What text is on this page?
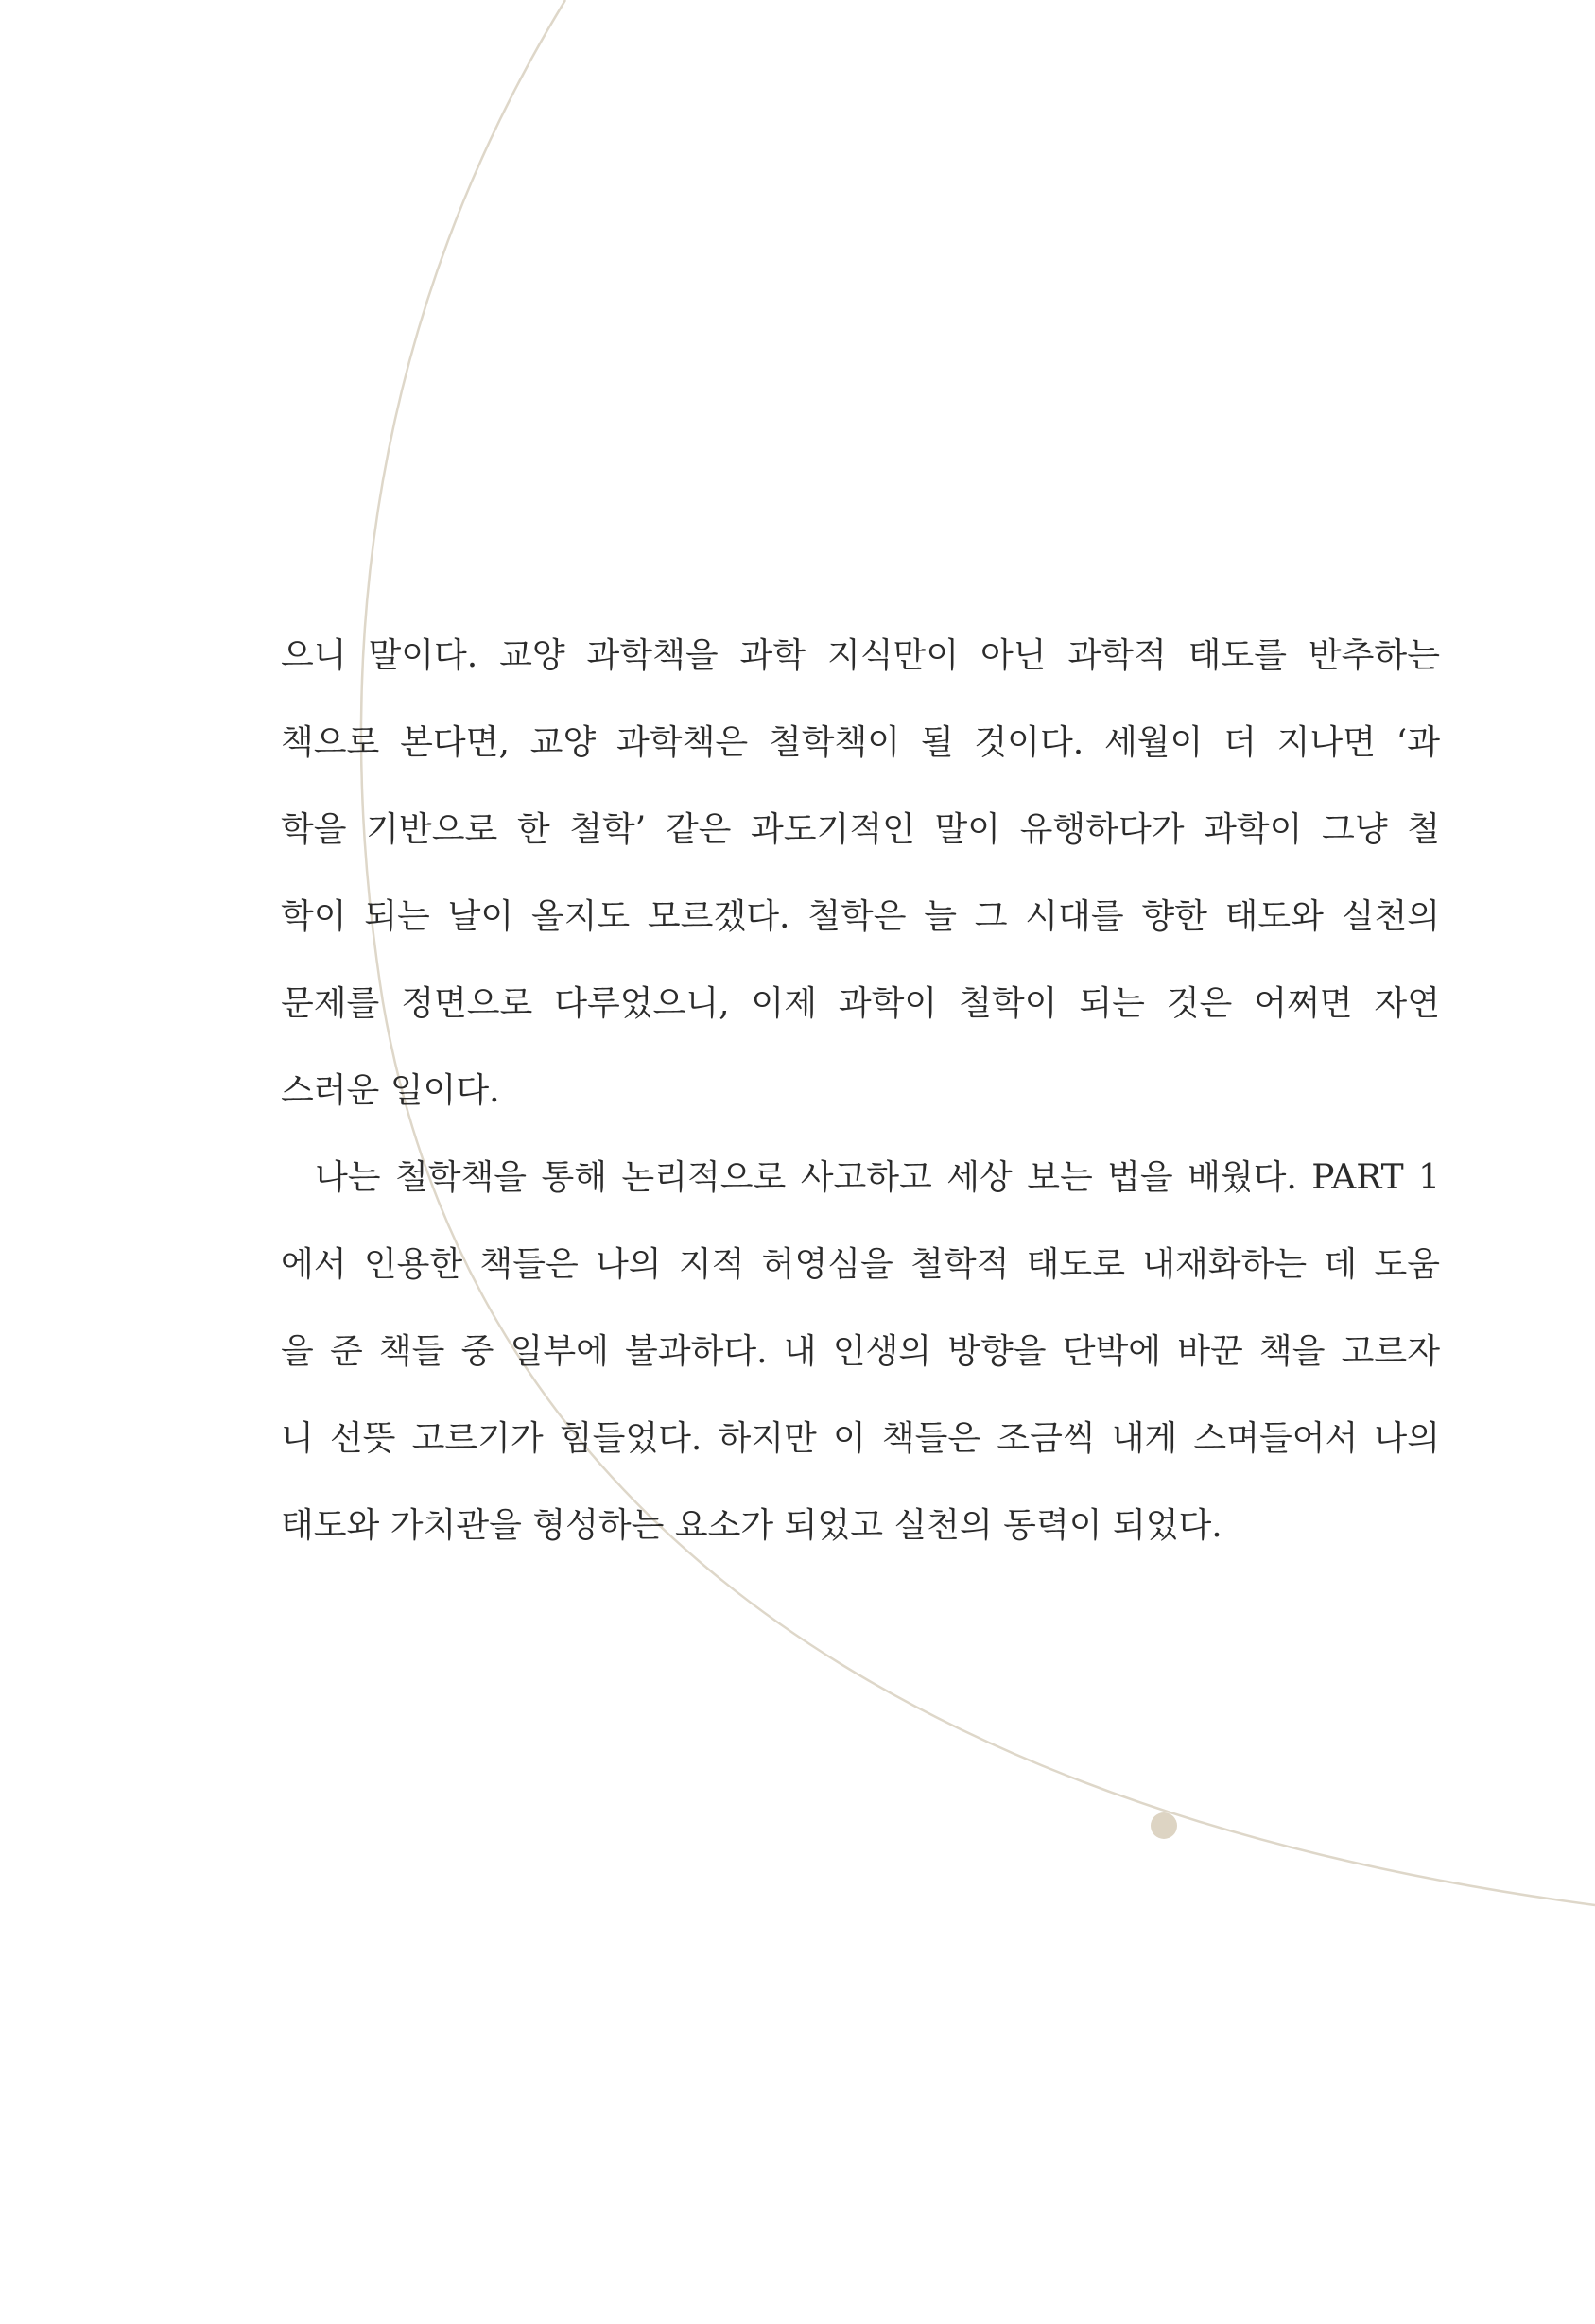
으니 말이다. 교양 과학책을 과학 지식만이 아닌 과학적 태도를 반추하는
책으로 본다면, 교양 과학책은 철학책이 될 것이다. 세월이 더 지나면 ‘과
학을 기반으로 한 철학’ 같은 과도기적인 말이 유행하다가 과학이 그냥 철
학이 되는 날이 올지도 모르겠다. 철학은 늘 그 시대를 향한 태도와 실천의
문제를 정면으로 다루었으니, 이제 과학이 철학이 되는 것은 어쩌면 자연
스러운 일이다.
나는 철학책을 통해 논리적으로 사고하고 세상 보는 법을 배웠다. PART 1
에서 인용한 책들은 나의 지적 허영심을 철학적 태도로 내재화하는 데 도움
을 준 책들 중 일부에 불과하다. 내 인생의 방향을 단박에 바꾼 책을 고르자
니 선뜻 고르기가 힘들었다. 하지만 이 책들은 조금씩 내게 스며들어서 나의
태도와 가치관을 형성하는 요소가 되었고 실천의 동력이 되었다.
